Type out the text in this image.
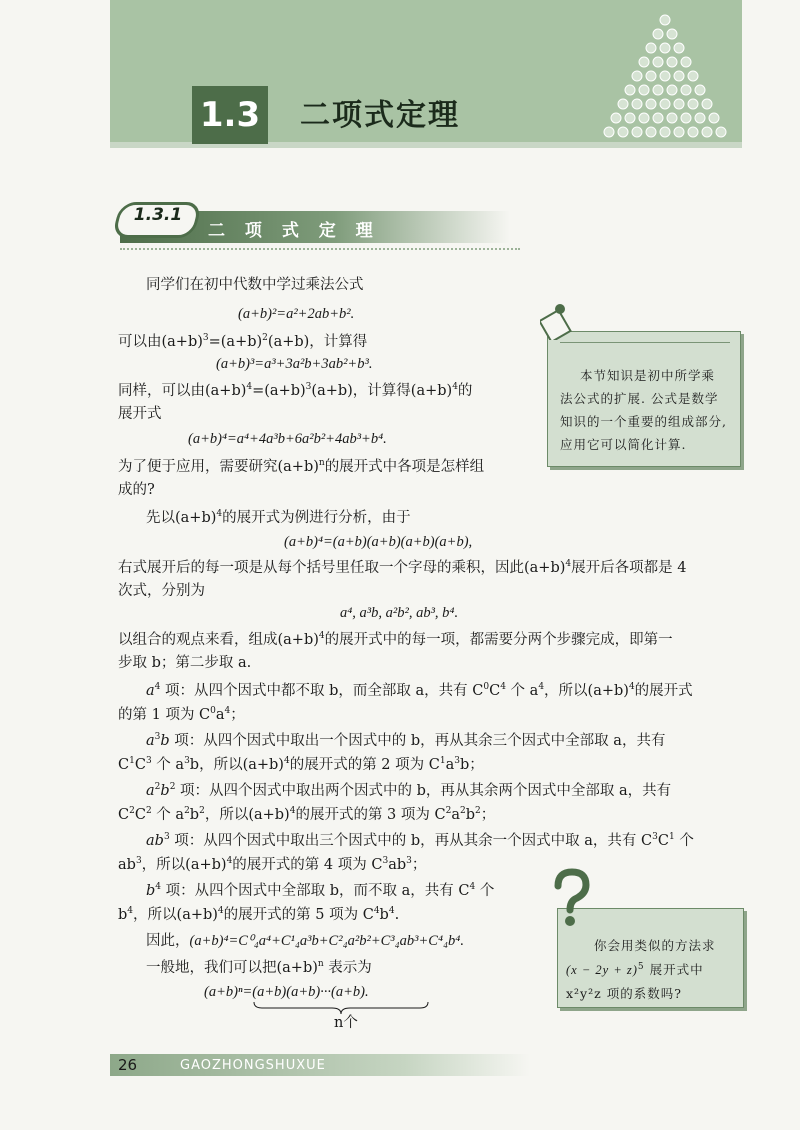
1.3 二项式定理
1.3.1
二 项 式 定 理
同学们在初中代数中学过乘法公式
(a+b)²=a²+2ab+b².
可以由$(a+b)^3=(a+b)^2(a+b)$，计算得
(a+b)³=a³+3a²b+3ab²+b³.
同样，可以由$(a+b)^4=(a+b)^3(a+b)$，计算得$(a+b)^4$的
展开式
(a+b)⁴=a⁴+4a³b+6a²b²+4ab³+b⁴.
为了便于应用，需要研究$(a+b)^n$的展开式中各项是怎样组
成的?
先以$(a+b)^4$的展开式为例进行分析，由于
(a+b)⁴=(a+b)(a+b)(a+b)(a+b),
右式展开后的每一项是从每个括号里任取一个字母的乘积，因此$(a+b)^4$展开后各项都是 4
次式，分别为
a⁴, a³b, a²b², ab³, b⁴.
以组合的观点来看，组成$(a+b)^4$的展开式中的每一项，都需要分两个步骤完成，即第一
步取 b；第二步取 a.
$a^4$ 项：从四个因式中都不取 b，而全部取 a，共有 $C^0C^4$ 个 $a^4$，所以$(a+b)^4$的展开式
的第 1 项为 $C^0a^4$；
$a^3b$ 项：从四个因式中取出一个因式中的 b，再从其余三个因式中全部取 a，共有
$C^1C^3$ 个 $a^3b$，所以$(a+b)^4$的展开式的第 2 项为 $C^1a^3b$；
$a^2b^2$ 项：从四个因式中取出两个因式中的 b，再从其余两个因式中全部取 a，共有
$C^2C^2$ 个 $a^2b^2$，所以$(a+b)^4$的展开式的第 3 项为 $C^2a^2b^2$；
$ab^3$ 项：从四个因式中取出三个因式中的 b，再从其余一个因式中取 a，共有 $C^3C^1$ 个
$ab^3$，所以$(a+b)^4$的展开式的第 4 项为 $C^3ab^3$；
$b^4$ 项：从四个因式中全部取 b，而不取 a，共有 $C^4$ 个
$b^4$，所以$(a+b)^4$的展开式的第 5 项为 $C^4b^4$.
因此，(a+b)⁴=C⁰₄a⁴+C¹₄a³b+C²₄a²b²+C³₄ab³+C⁴₄b⁴.
一般地，我们可以把$(a+b)^n$ 表示为
(a+b)ⁿ=(a+b)(a+b)···(a+b).
n个
本节知识是初中所学乘
法公式的扩展. 公式是数学
知识的一个重要的组成部分,
应用它可以简化计算.
你会用类似的方法求
$(x - 2y + z)^5$ 展开式中
x²y²z 项的系数吗?
26	GAOZHONGSHUXUE
